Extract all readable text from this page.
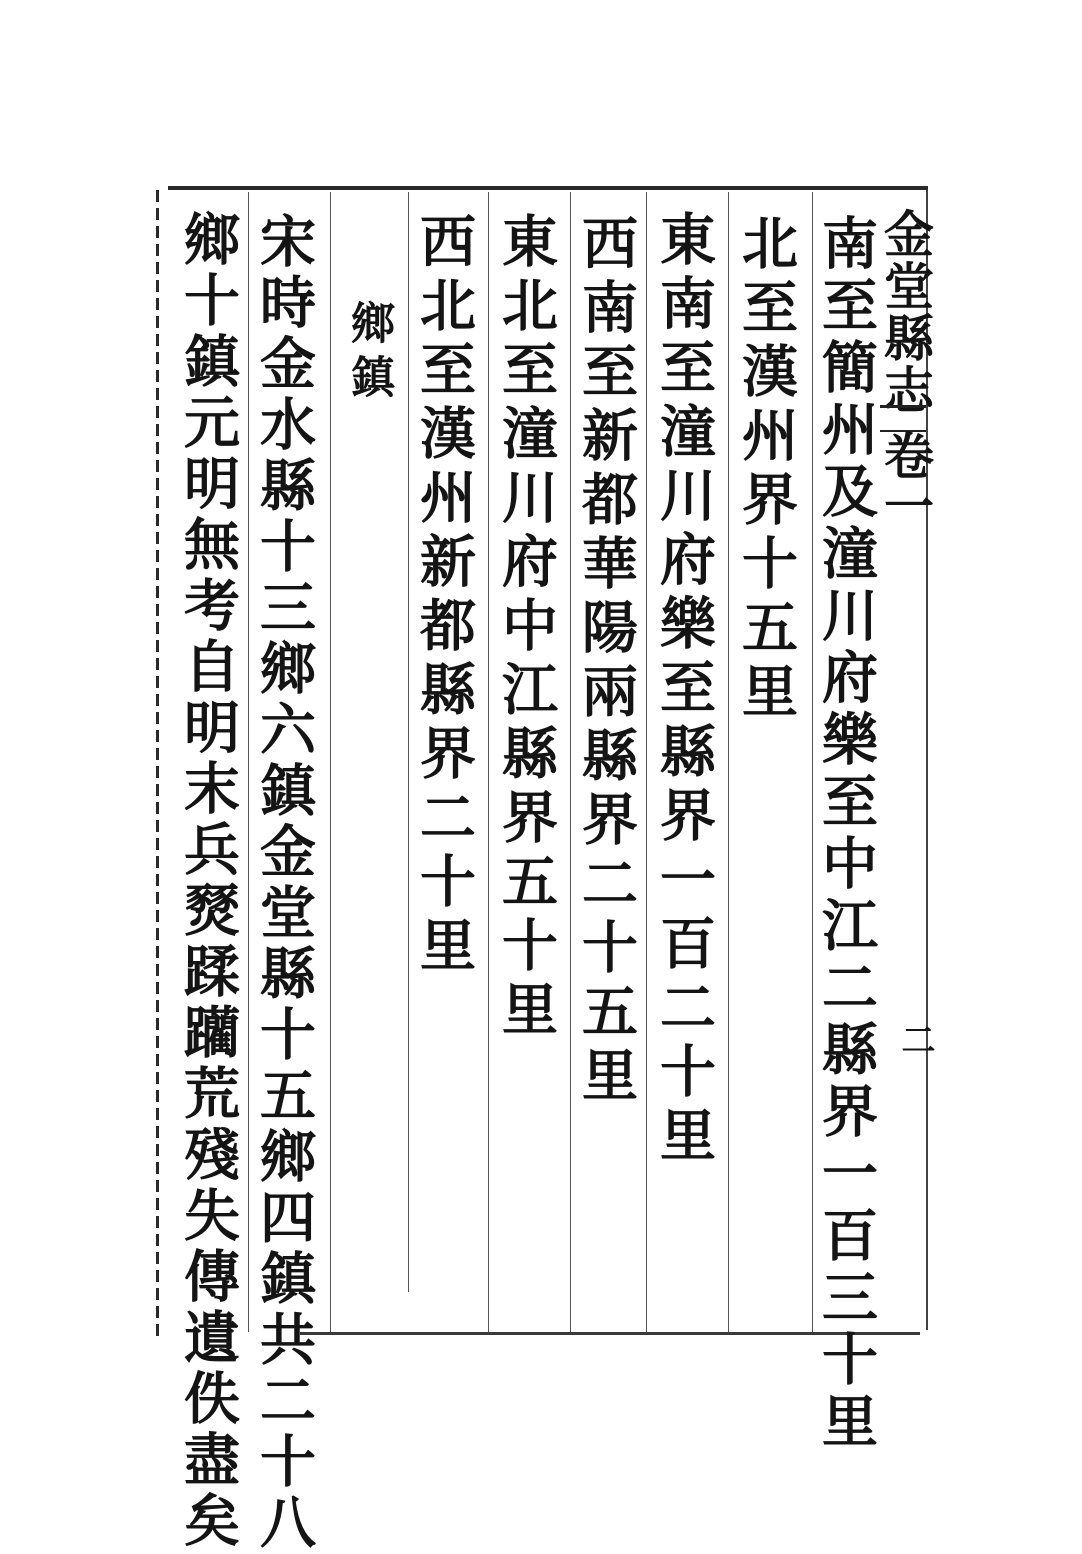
金堂縣志
卷一
二
南至簡州及潼川府樂至中江二縣界一百三十里
北至漢州界十五里
東南至潼川府樂至縣界一百二十里
西南至新都華陽兩縣界二十五里
東北至潼川府中江縣界五十里
西北至漢州新都縣界二十里
鄉鎮
宋時金水縣十三鄉六鎮金堂縣十五鄉四鎮共二十八
鄉十鎮元明無考自明末兵燹蹂躪荒殘失傳遺佚盡矣
